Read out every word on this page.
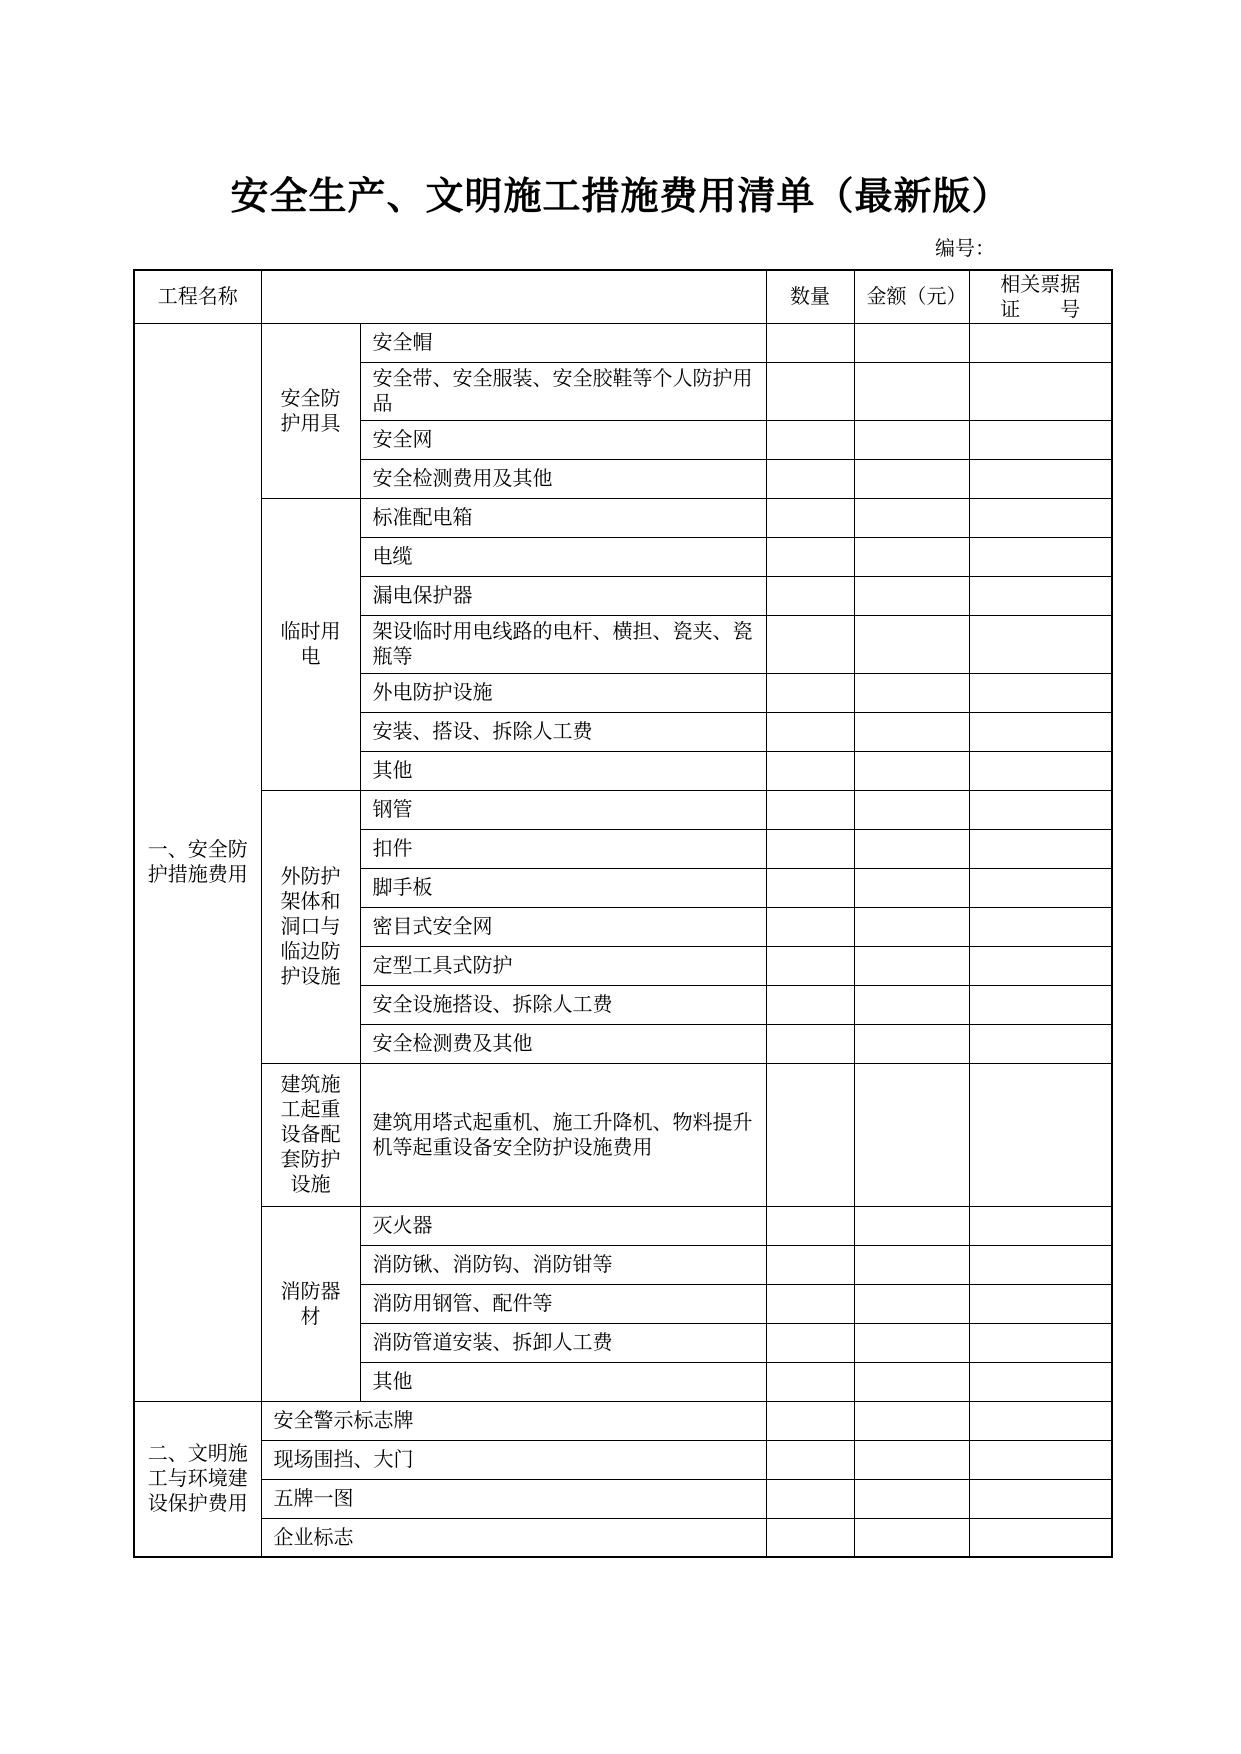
安全生产、文明施工措施费用清单（最新版）
编号：
工程名称			数量	金额（元）	相关票据
证　　号

一、安全防护措施费用	安全防护用具	安全帽			
		安全带、安全服装、安全胶鞋等个人防护用品			
		安全网			
		安全检测费用及其他			
	临时用电	标准配电箱			
		电缆			
		漏电保护器			
		架设临时用电线路的电杆、横担、瓷夹、瓷瓶等			
		外电防护设施			
		安装、搭设、拆除人工费			
		其他			
	外防护架体和洞口与临边防护设施	钢管			
		扣件			
		脚手板			
		密目式安全网			
		定型工具式防护			
		安全设施搭设、拆除人工费			
		安全检测费及其他			
	建筑施工起重设备配套防护设施	建筑用塔式起重机、施工升降机、物料提升机等起重设备安全防护设施费用			
	消防器材	灭火器			
		消防锹、消防钩、消防钳等			
		消防用钢管、配件等			
		消防管道安装、拆卸人工费			
		其他			
二、文明施工与环境建设保护费用	安全警示标志牌				
	现场围挡、大门				
	五牌一图				
	企业标志				
